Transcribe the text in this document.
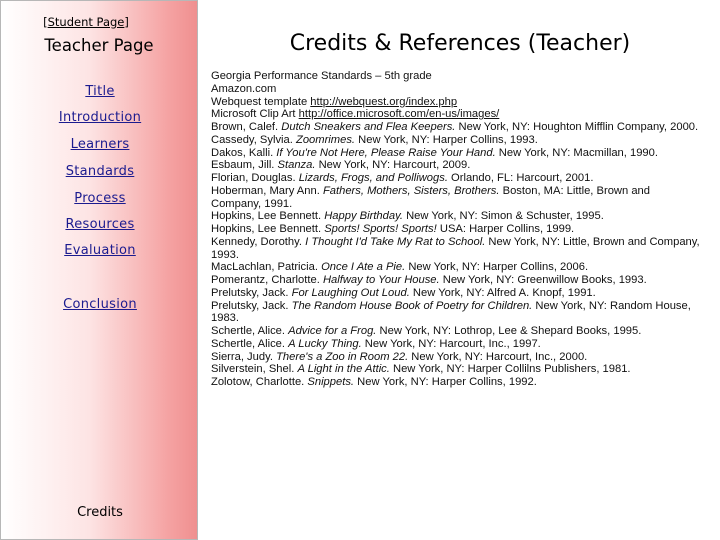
[Student Page]
Teacher Page
Title
Introduction
Learners
Standards
Process
Resources
Evaluation
Conclusion
Credits
Credits & References (Teacher)

Georgia Performance Standards – 5th grade

Amazon.com

Webquest template http://webquest.org/index.php

Microsoft Clip Art http://office.microsoft.com/en-us/images/

Brown, Calef. Dutch Sneakers and Flea Keepers. New York, NY: Houghton Mifflin Company, 2000.

Cassedy, Sylvia. Zoomrimes. New York, NY: Harper Collins, 1993.

Dakos, Kalli. If You're Not Here, Please Raise Your Hand. New York, NY: Macmillan, 1990.

Esbaum, Jill. Stanza. New York, NY: Harcourt, 2009.

Florian, Douglas. Lizards, Frogs, and Polliwogs. Orlando, FL: Harcourt, 2001.

Hoberman, Mary Ann. Fathers, Mothers, Sisters, Brothers. Boston, MA: Little, Brown and Company, 1991.

Hopkins, Lee Bennett. Happy Birthday. New York, NY: Simon & Schuster, 1995.

Hopkins, Lee Bennett. Sports! Sports! Sports! USA: Harper Collins, 1999.

Kennedy, Dorothy. I Thought I'd Take My Rat to School. New York, NY: Little, Brown and Company, 1993.

MacLachlan, Patricia. Once I Ate a Pie. New York, NY: Harper Collins, 2006.

Pomerantz, Charlotte. Halfway to Your House. New York, NY: Greenwillow Books, 1993.

Prelutsky, Jack. For Laughing Out Loud. New York, NY: Alfred A. Knopf, 1991.

Prelutsky, Jack. The Random House Book of Poetry for Children. New York, NY: Random House, 1983.

Schertle, Alice. Advice for a Frog. New York, NY: Lothrop, Lee & Shepard Books, 1995.

Schertle, Alice. A Lucky Thing. New York, NY: Harcourt, Inc., 1997.

Sierra, Judy. There's a Zoo in Room 22. New York, NY: Harcourt, Inc., 2000.

Silverstein, Shel. A Light in the Attic. New York, NY: Harper Collilns Publishers, 1981.

Zolotow, Charlotte. Snippets. New York, NY: Harper Collins, 1992.
